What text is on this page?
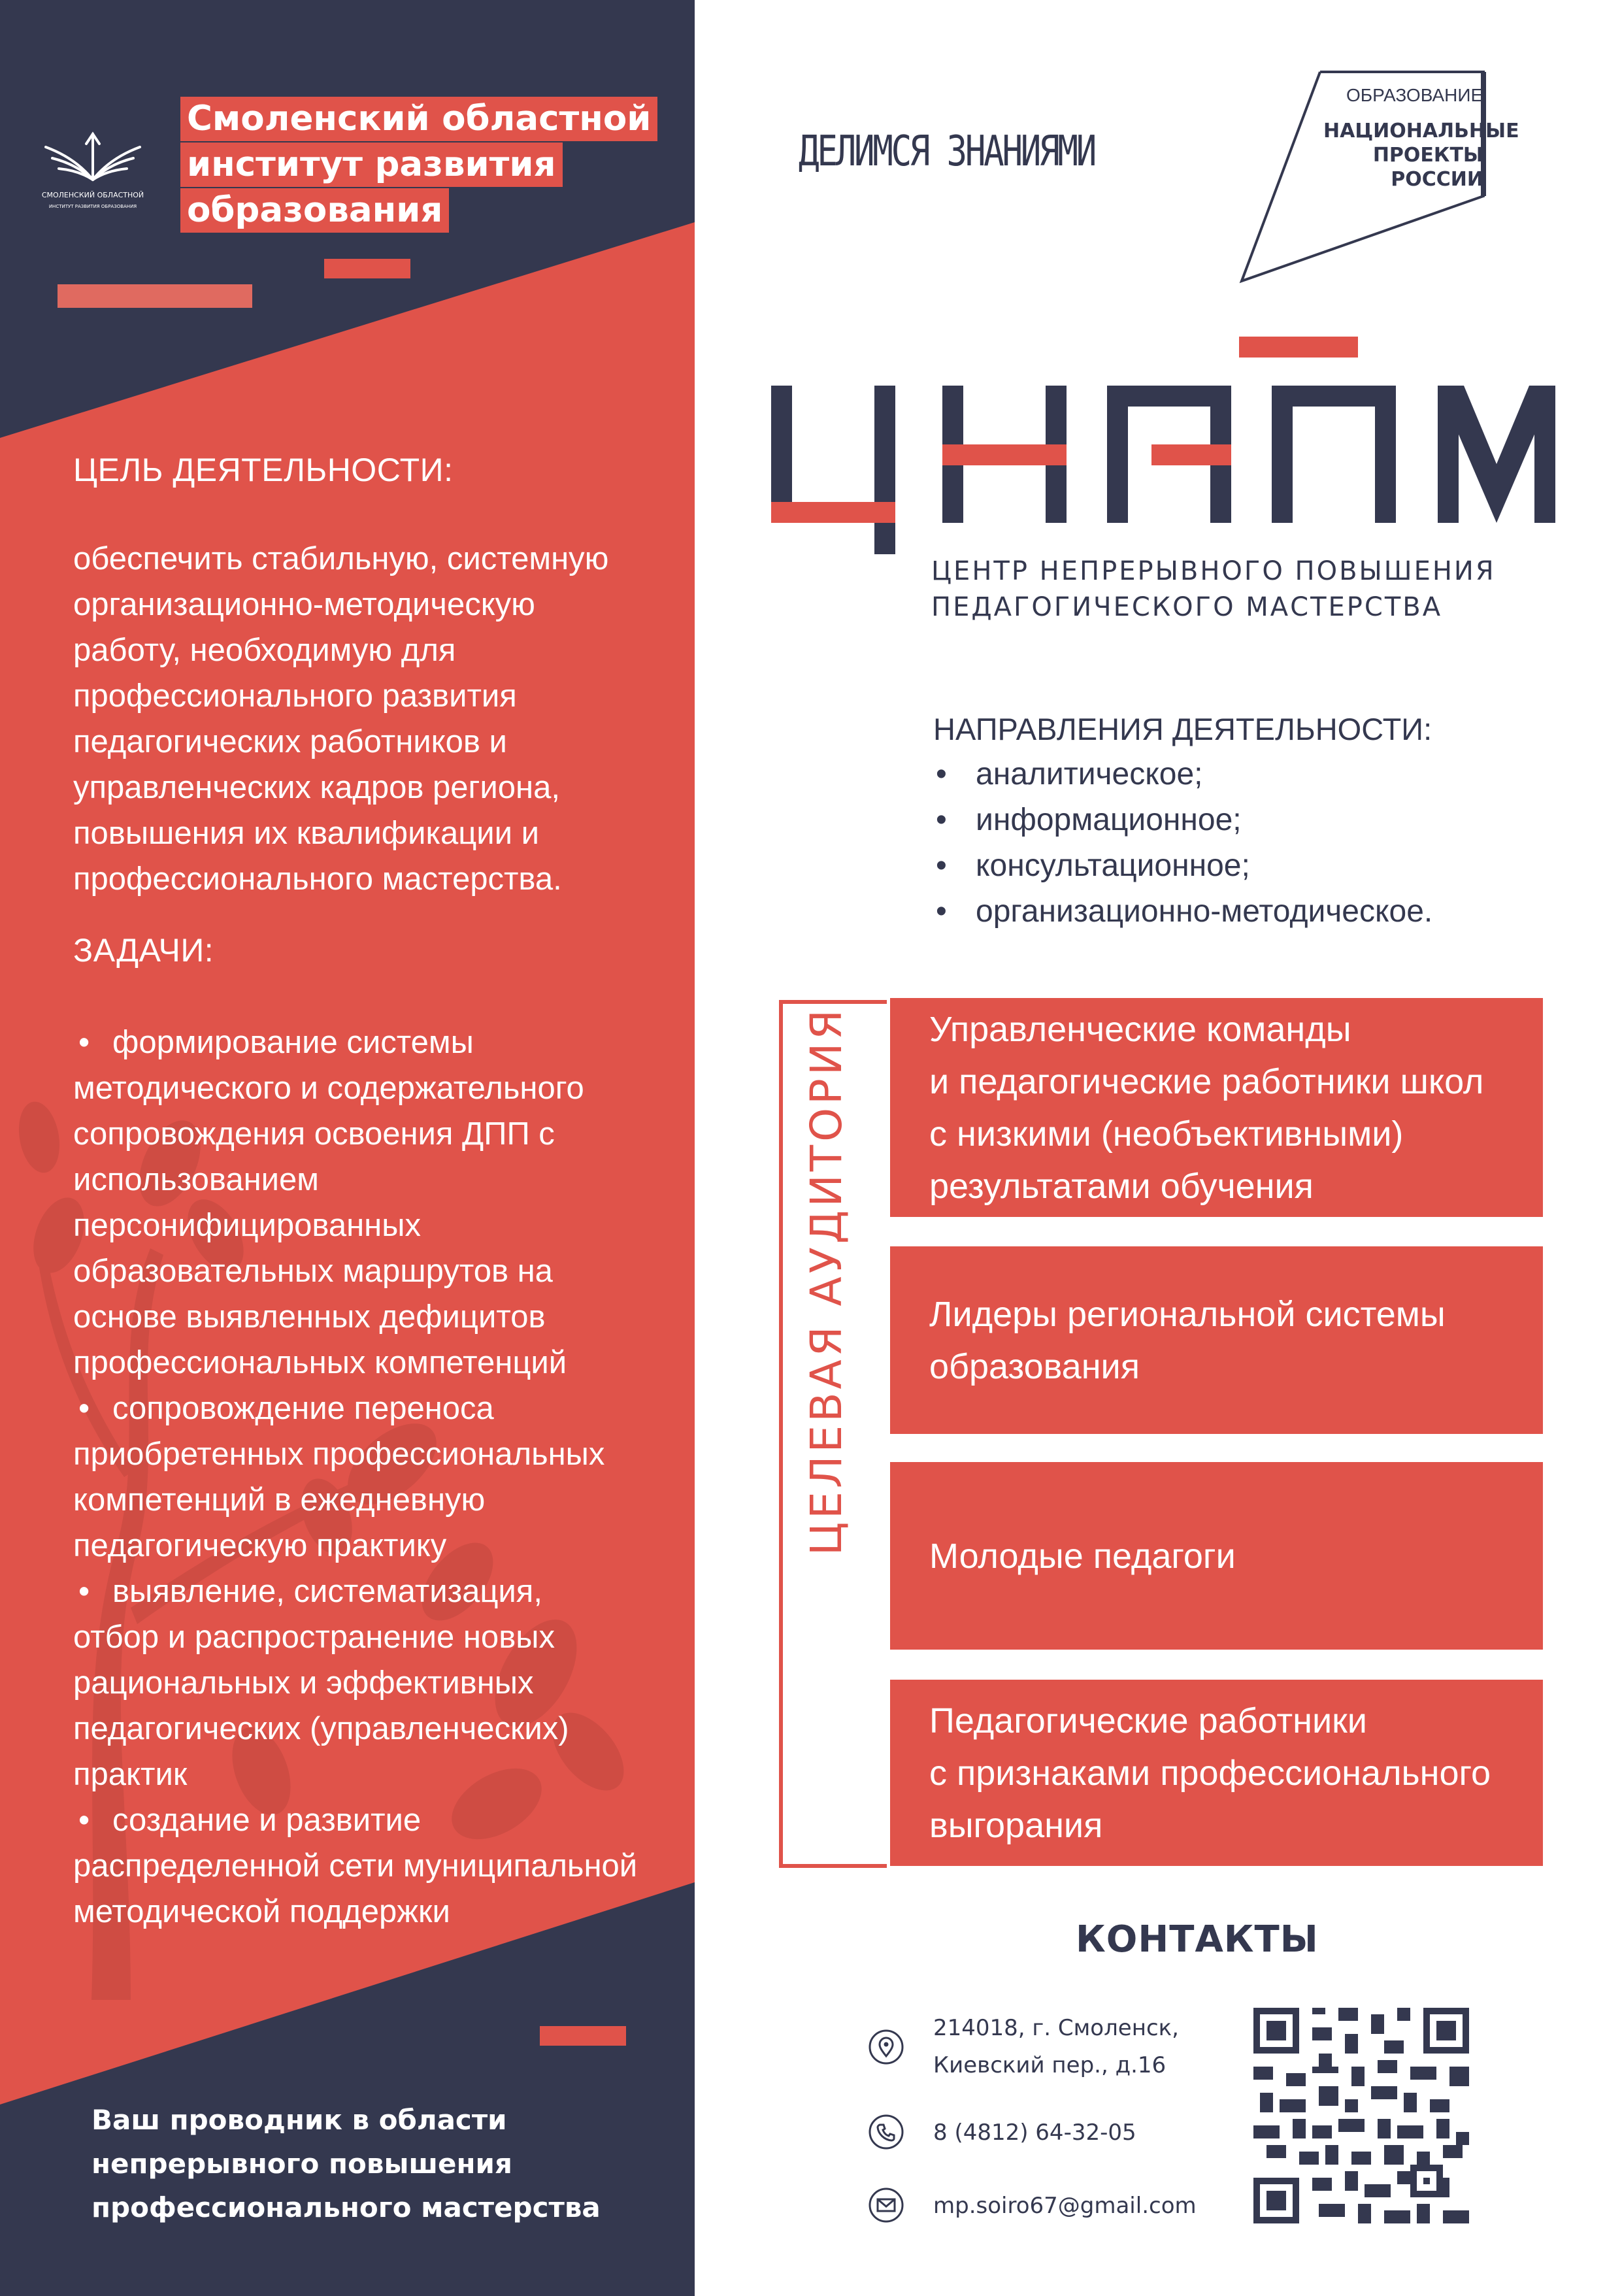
СМОЛЕНСКИЙ ОБЛАСТНОЙ
ИНСТИТУТ РАЗВИТИЯ ОБРАЗОВАНИЯ
Смоленский областной
институт развития
образования
ЦЕЛЬ ДЕЯТЕЛЬНОСТИ:

обеспечить стабильную, системную
организационно-методическую
работу, необходимую для
профессионального развития
педагогических работников и
управленческих кадров региона,
повышения их квалификации и
профессионального мастерства.

ЗАДАЧИ:
• формирование системы
методического и содержательного
сопровождения освоения ДПП с
использованием
персонифицированных
образовательных маршрутов на
основе выявленных дефицитов
профессиональных компетенций
• сопровождение переноса
приобретенных профессиональных
компетенций в ежедневную
педагогическую практику
• выявление, систематизация,
отбор и распространение новых
рациональных и эффективных
педагогических (управленческих)
практик
• создание и развитие
распределенной сети муниципальной
методической поддержки
Ваш проводник в области
непрерывного повышения
профессионального мастерства
ДЕЛИМСЯ ЗНАНИЯМИ
ОБРАЗОВАНИЕ
НАЦИОНАЛЬНЫЕ
ПРОЕКТЫ
РОССИИ
ЦЕНТР НЕПРЕРЫВНОГО ПОВЫШЕНИЯ
ПЕДАГОГИЧЕСКОГО МАСТЕРСТВА
НАПРАВЛЕНИЯ ДЕЯТЕЛЬНОСТИ:
• аналитическое;
• информационное;
• консультационное;
• организационно-методическое.
ЦЕЛЕВАЯ АУДИТОРИЯ	Управленческие команды
и педагогические работники школ
с низкими (необъективными)
результатами обучения
Лидеры региональной системы
образования
Молодые педагоги
Педагогические работники
с признаками профессионального
выгорания
КОНТАКТЫ
214018, г. Смоленск,
Киевский пер., д.16
8 (4812) 64-32-05
mp.soiro67@gmail.com
